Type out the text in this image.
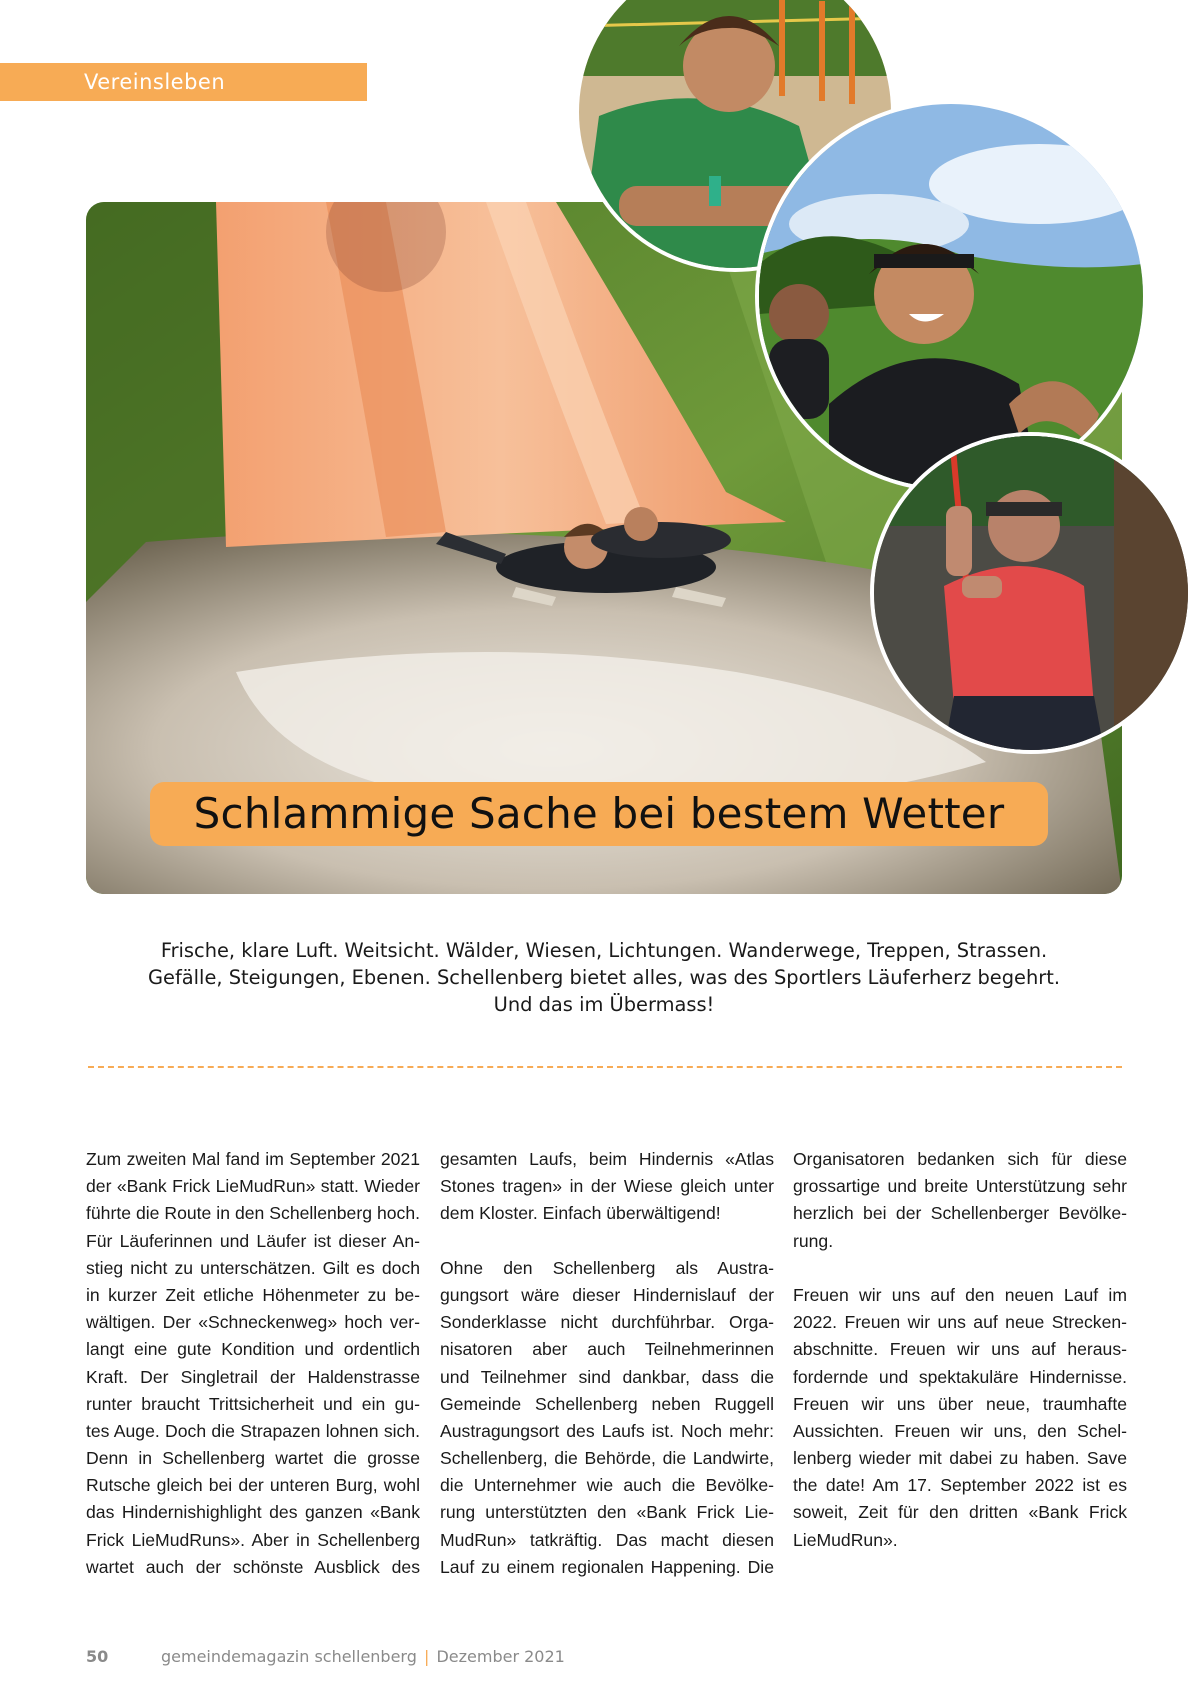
Vereinsleben
Schlammige Sache bei bestem Wetter
Frische, klare Luft. Weitsicht. Wälder, Wiesen, Lichtungen. Wanderwege, Treppen, Strassen.
Gefälle, Steigungen, Ebenen. Schellenberg bietet alles, was des Sportlers Läuferherz begehrt.
Und das im Übermass!
Zum zweiten Mal fand im September 2021
der «Bank Frick LieMudRun» statt. Wieder
führte die Route in den Schellenberg hoch.
Für Läuferinnen und Läufer ist dieser An-
stieg nicht zu unterschätzen. Gilt es doch
in kurzer Zeit etliche Höhenmeter zu be-
wältigen. Der «Schneckenweg» hoch ver-
langt eine gute Kondition und ordentlich
Kraft. Der Singletrail der Haldenstrasse
runter braucht Trittsicherheit und ein gu-
tes Auge. Doch die Strapazen lohnen sich.
Denn in Schellenberg wartet die grosse
Rutsche gleich bei der unteren Burg, wohl
das Hindernishighlight des ganzen «Bank
Frick LieMudRuns». Aber in Schellenberg
wartet auch der schönste Ausblick des
gesamten Laufs, beim Hindernis «Atlas
Stones tragen» in der Wiese gleich unter
dem Kloster. Einfach überwältigend!
Ohne den Schellenberg als Austra-
gungsort wäre dieser Hindernislauf der
Sonderklasse nicht durchführbar. Orga-
nisatoren aber auch Teilnehmerinnen
und Teilnehmer sind dankbar, dass die
Gemeinde Schellenberg neben Ruggell
Austragungsort des Laufs ist. Noch mehr:
Schellenberg, die Behörde, die Landwirte,
die Unternehmer wie auch die Bevölke-
rung unterstützten den «Bank Frick Lie-
MudRun» tatkräftig. Das macht diesen
Lauf zu einem regionalen Happening. Die
Organisatoren bedanken sich für diese
grossartige und breite Unterstützung sehr
herzlich bei der Schellenberger Bevölke-
rung.
Freuen wir uns auf den neuen Lauf im
2022. Freuen wir uns auf neue Strecken-
abschnitte. Freuen wir uns auf heraus-
fordernde und spektakuläre Hindernisse.
Freuen wir uns über neue, traumhafte
Aussichten. Freuen wir uns, den Schel-
lenberg wieder mit dabei zu haben. Save
the date! Am 17. September 2022 ist es
soweit, Zeit für den dritten «Bank Frick
LieMudRun».
50	gemeindemagazin schellenberg | Dezember 2021
